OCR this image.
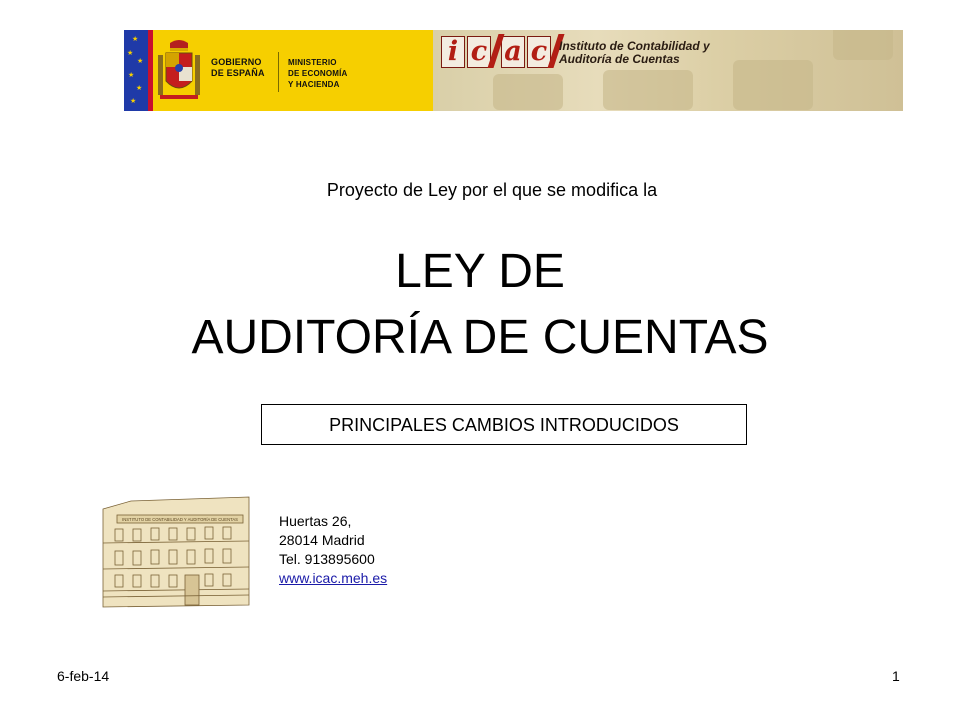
★
★
★
★
★
★
GOBIERNO
DE ESPAÑA
MINISTERIO
DE ECONOMÍA
Y HACIENDA
i c a c Instituto de Contabilidad y
Auditoría de Cuentas
Proyecto de Ley por el que se modifica la
LEY DE
AUDITORÍA DE CUENTAS
PRINCIPALES CAMBIOS INTRODUCIDOS
INSTITUTO DE CONTABILIDAD Y AUDITORÍA DE CUENTAS	Huertas 26,
28014 Madrid
Tel. 913895600
www.icac.meh.es
6-feb-14	1
